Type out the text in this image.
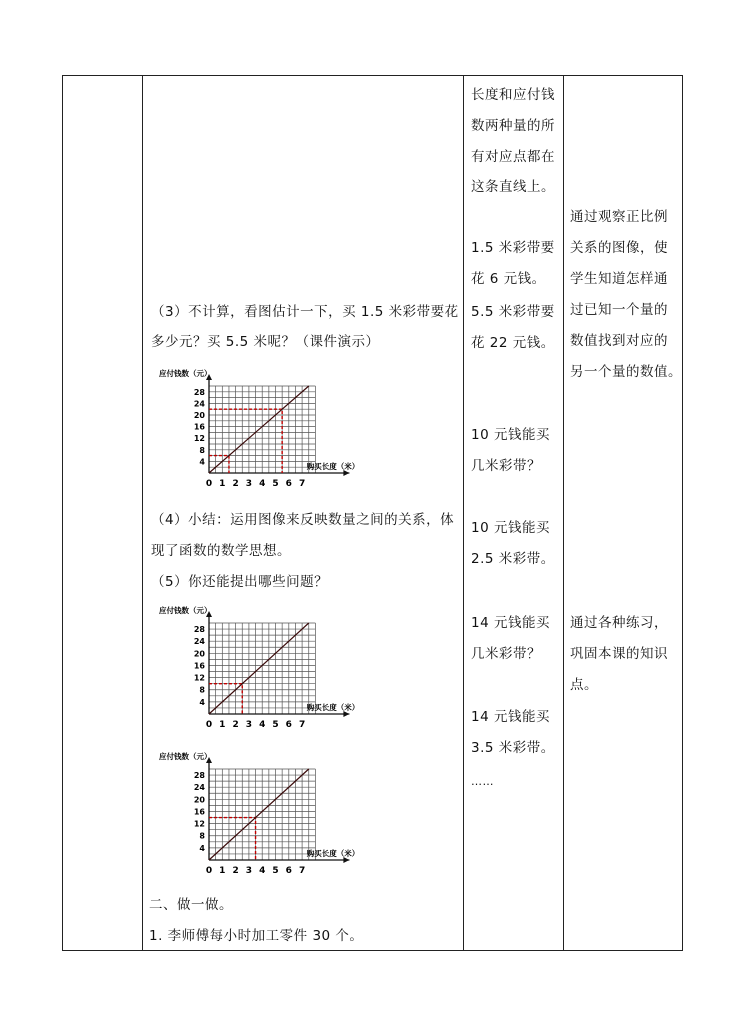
（3）不计算，看图估计一下，买 1.5 米彩带要花
多少元？买 5.5 米呢？（课件演示）
0 1 2 3 4 5 6 7
4
8
12
16
20
24
28
应付钱数（元）
购买长度（米）
（4）小结：运用图像来反映数量之间的关系，体
现了函数的数学思想。
（5）你还能提出哪些问题？
0 1 2 3 4 5 6 7
4
8
12
16
20
24
28
应付钱数（元）
购买长度（米）
0 1 2 3 4 5 6 7
4
8
12
16
20
24
28
应付钱数（元）
购买长度（米）
二、做一做。
1. 李师傅每小时加工零件 30 个。

长度和应付钱
数两种量的所
有对应点都在
这条直线上。
1.5 米彩带要
花 6 元钱。
5.5 米彩带要
花 22 元钱。
10 元钱能买
几米彩带？
10 元钱能买
2.5 米彩带。
14 元钱能买
几米彩带？
14 元钱能买
3.5 米彩带。
……

通过观察正比例
关系的图像，使
学生知道怎样通
过已知一个量的
数值找到对应的
另一个量的数值。
通过各种练习，
巩固本课的知识
点。
